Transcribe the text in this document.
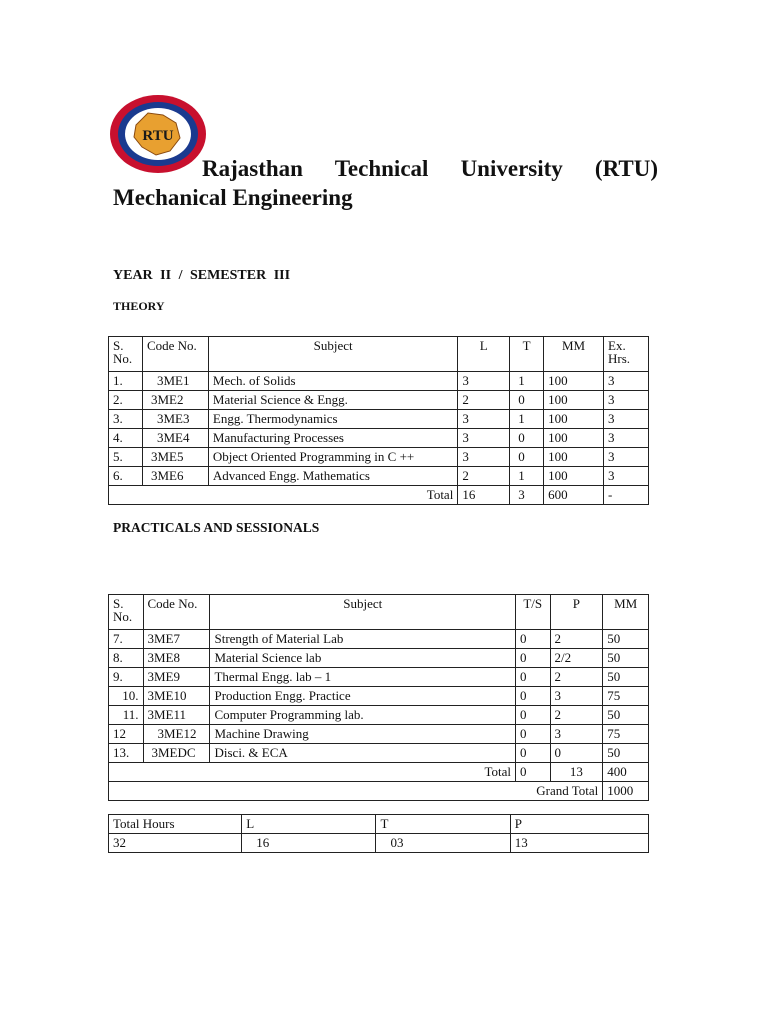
RTU
Rajasthan Technical University (RTU)
Mechanical Engineering
YEAR II / SEMESTER III
THEORY
S. No.	Code No.	Subject	L	T	MM	Ex. Hrs.
1.	3ME1	Mech. of Solids	3	1	100	3
2.	3ME2	Material Science & Engg.	2	0	100	3
3.	3ME3	Engg. Thermodynamics	3	1	100	3
4.	3ME4	Manufacturing Processes	3	0	100	3
5.	3ME5	Object Oriented Programming in C ++	3	0	100	3
6.	3ME6	Advanced Engg. Mathematics	2	1	100	3
Total			16	3	600	-
PRACTICALS AND SESSIONALS
S. No.	Code No.	Subject	T/S	P	MM
7.	3ME7	Strength of Material Lab	0	2	50
8.	3ME8	Material Science lab	0	2/2	50
9.	3ME9	Thermal Engg. lab – 1	0	2	50
10.	3ME10	Production Engg. Practice	0	3	75
11.	3ME11	Computer Programming lab.	0	2	50
12	3ME12	Machine Drawing	0	3	75
13.	3MEDC	Disci. & ECA	0	0	50
Total			0	13	400
Grand Total					1000
Total Hours	L	T	P
32	16	03	13
